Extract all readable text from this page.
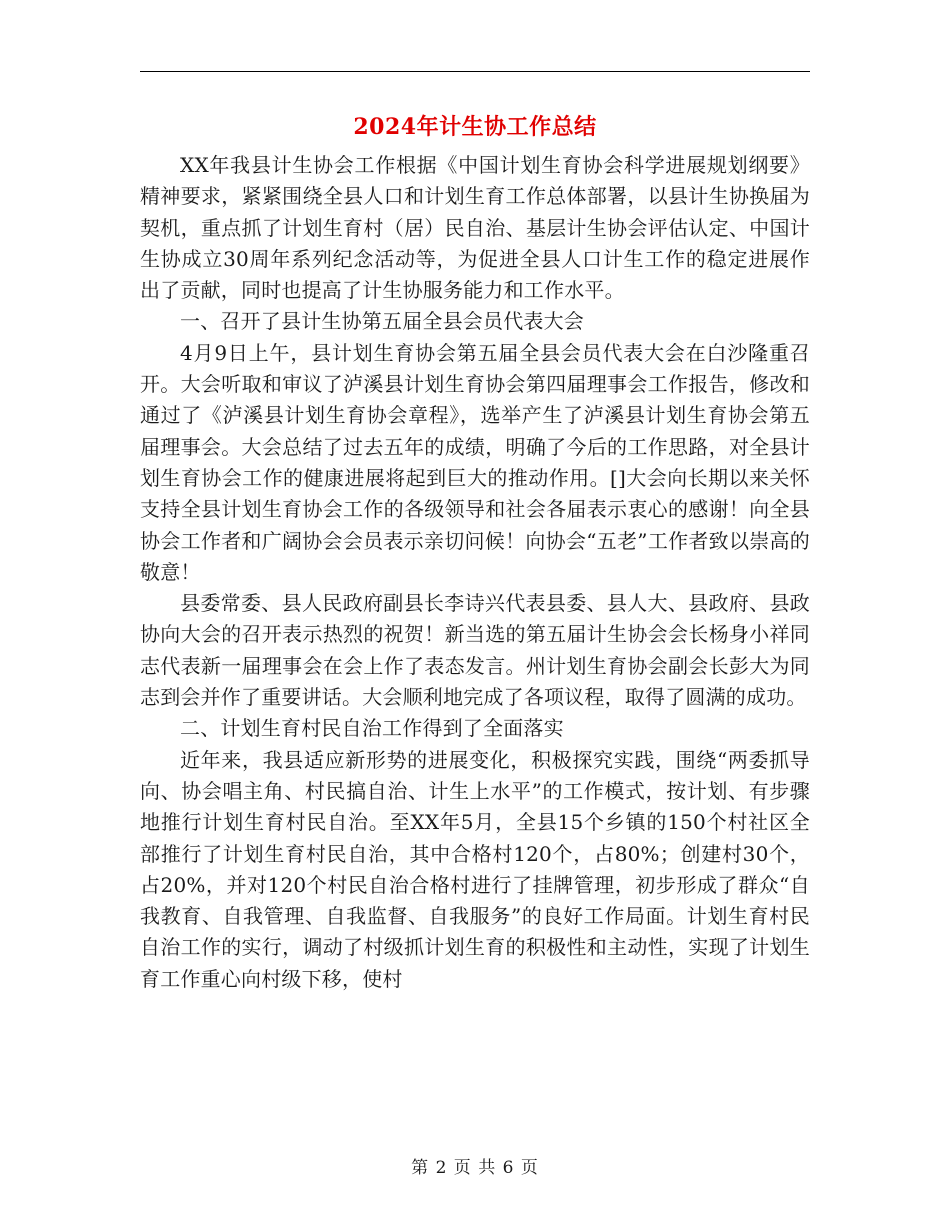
2024年计生协工作总结

XX年我县计生协会工作根据《中国计划生育协会科学进展规划纲要》精神要求，紧紧围绕全县人口和计划生育工作总体部署，以县计生协换届为契机，重点抓了计划生育村（居）民自治、基层计生协会评估认定、中国计生协成立30周年系列纪念活动等，为促进全县人口计生工作的稳定进展作出了贡献，同时也提高了计生协服务能力和工作水平。

一、召开了县计生协第五届全县会员代表大会

4月9日上午，县计划生育协会第五届全县会员代表大会在白沙隆重召开。大会听取和审议了泸溪县计划生育协会第四届理事会工作报告，修改和通过了《泸溪县计划生育协会章程》，选举产生了泸溪县计划生育协会第五届理事会。大会总结了过去五年的成绩，明确了今后的工作思路，对全县计划生育协会工作的健康进展将起到巨大的推动作用。[]大会向长期以来关怀支持全县计划生育协会工作的各级领导和社会各届表示衷心的感谢！向全县协会工作者和广阔协会会员表示亲切问候！向协会“五老”工作者致以崇高的敬意！

县委常委、县人民政府副县长李诗兴代表县委、县人大、县政府、县政协向大会的召开表示热烈的祝贺！新当选的第五届计生协会会长杨身小祥同志代表新一届理事会在会上作了表态发言。州计划生育协会副会长彭大为同志到会并作了重要讲话。大会顺利地完成了各项议程，取得了圆满的成功。

二、计划生育村民自治工作得到了全面落实

近年来，我县适应新形势的进展变化，积极探究实践，围绕“两委抓导向、协会唱主角、村民搞自治、计生上水平”的工作模式，按计划、有步骤地推行计划生育村民自治。至XX年5月，全县15个乡镇的150个村社区全部推行了计划生育村民自治，其中合格村120个，占80%；创建村30个，占20%，并对120个村民自治合格村进行了挂牌管理，初步形成了群众“自我教育、自我管理、自我监督、自我服务”的良好工作局面。计划生育村民自治工作的实行，调动了村级抓计划生育的积极性和主动性，实现了计划生育工作重心向村级下移，使村

第 2 页 共 6 页
